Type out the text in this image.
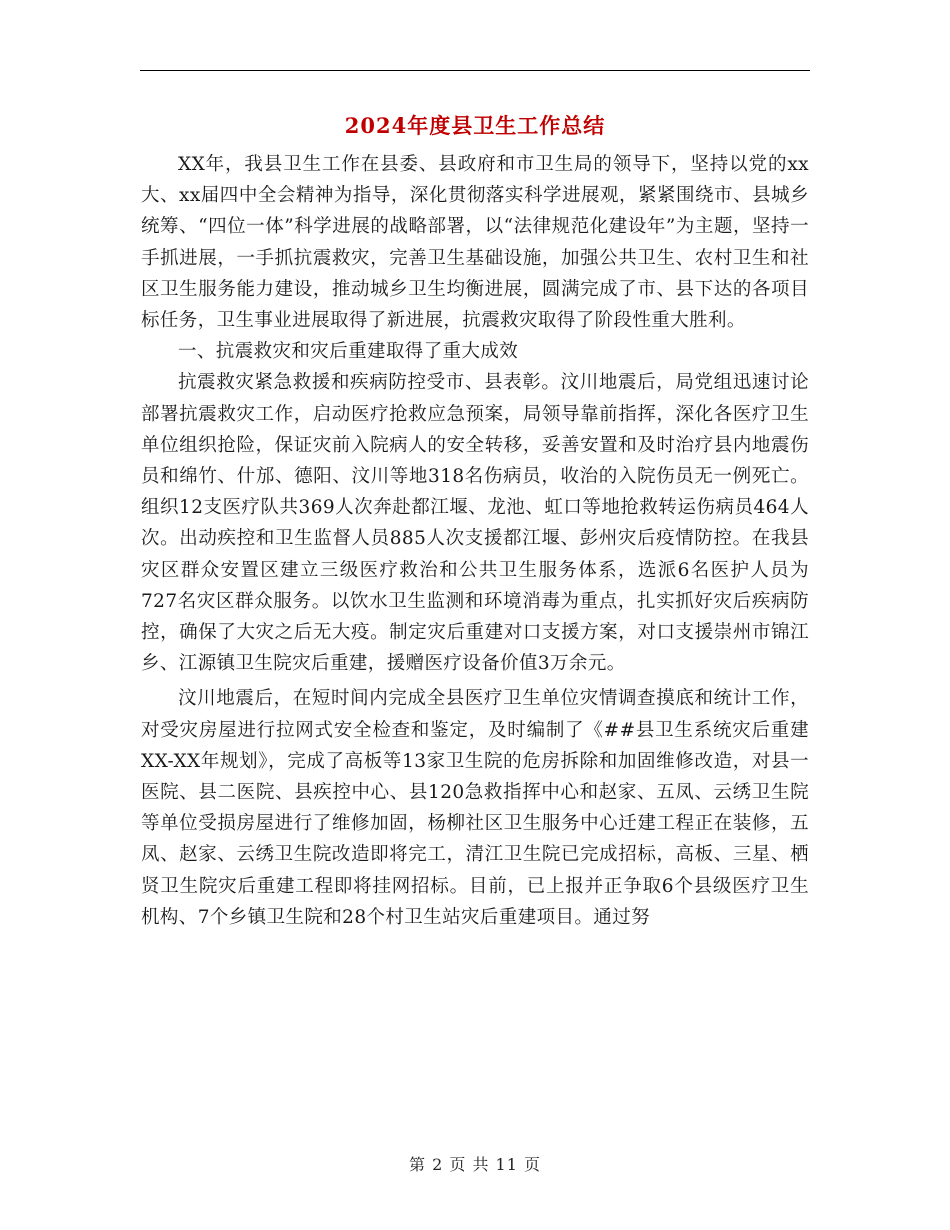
2024年度县卫生工作总结

XX年，我县卫生工作在县委、县政府和市卫生局的领导下，坚持以党的xx大、xx届四中全会精神为指导，深化贯彻落实科学进展观，紧紧围绕市、县城乡统筹、“四位一体”科学进展的战略部署，以“法律规范化建设年”为主题，坚持一手抓进展，一手抓抗震救灾，完善卫生基础设施，加强公共卫生、农村卫生和社区卫生服务能力建设，推动城乡卫生均衡进展，圆满完成了市、县下达的各项目标任务，卫生事业进展取得了新进展，抗震救灾取得了阶段性重大胜利。

一、抗震救灾和灾后重建取得了重大成效

抗震救灾紧急救援和疾病防控受市、县表彰。汶川地震后，局党组迅速讨论部署抗震救灾工作，启动医疗抢救应急预案，局领导靠前指挥，深化各医疗卫生单位组织抢险，保证灾前入院病人的安全转移，妥善安置和及时治疗县内地震伤员和绵竹、什邡、德阳、汶川等地318名伤病员，收治的入院伤员无一例死亡。组织12支医疗队共369人次奔赴都江堰、龙池、虹口等地抢救转运伤病员464人次。出动疾控和卫生监督人员885人次支援都江堰、彭州灾后疫情防控。在我县灾区群众安置区建立三级医疗救治和公共卫生服务体系，选派6名医护人员为727名灾区群众服务。以饮水卫生监测和环境消毒为重点，扎实抓好灾后疾病防控，确保了大灾之后无大疫。制定灾后重建对口支援方案，对口支援崇州市锦江乡、江源镇卫生院灾后重建，援赠医疗设备价值3万余元。

汶川地震后，在短时间内完成全县医疗卫生单位灾情调查摸底和统计工作，对受灾房屋进行拉网式安全检查和鉴定，及时编制了《##县卫生系统灾后重建XX-XX年规划》，完成了高板等13家卫生院的危房拆除和加固维修改造，对县一医院、县二医院、县疾控中心、县120急救指挥中心和赵家、五凤、云绣卫生院等单位受损房屋进行了维修加固，杨柳社区卫生服务中心迁建工程正在装修，五凤、赵家、云绣卫生院改造即将完工，清江卫生院已完成招标，高板、三星、栖贤卫生院灾后重建工程即将挂网招标。目前，已上报并正争取6个县级医疗卫生机构、7个乡镇卫生院和28个村卫生站灾后重建项目。通过努

第 2 页 共 11 页
